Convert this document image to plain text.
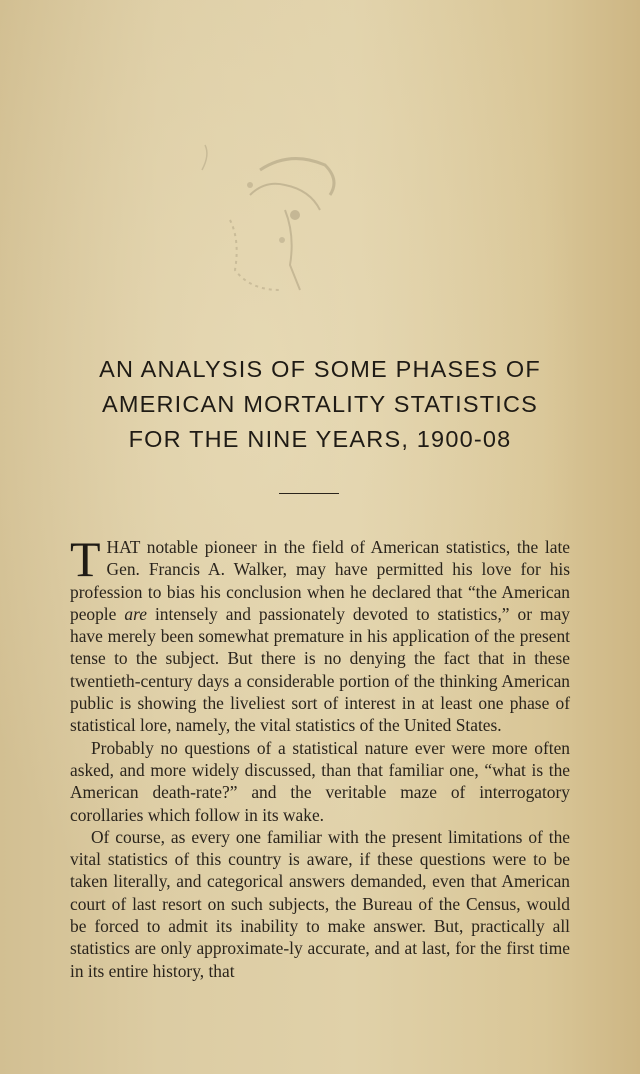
AN ANALYSIS OF SOME PHASES OF
AMERICAN MORTALITY STATISTICS
FOR THE NINE YEARS, 1900-08

THAT notable pioneer in the field of American statistics, the late Gen. Francis A. Walker, may have permitted his love for his profession to bias his conclusion when he declared that “the American people are intensely and passionately devoted to statistics,” or may have merely been somewhat premature in his application of the present tense to the subject. But there is no denying the fact that in these twentieth-century days a considerable portion of the thinking American public is showing the liveliest sort of interest in at least one phase of statistical lore, namely, the vital statistics of the United States.

Probably no questions of a statistical nature ever were more often asked, and more widely discussed, than that familiar one, “what is the American death-rate?” and the veritable maze of interrogatory corollaries which follow in its wake.

Of course, as every one familiar with the present limitations of the vital statistics of this country is aware, if these questions were to be taken literally, and categorical answers demanded, even that American court of last resort on such subjects, the Bureau of the Census, would be forced to admit its inability to make answer. But, practically all statistics are only approximate-ly accurate, and at last, for the first time in its entire history, that
